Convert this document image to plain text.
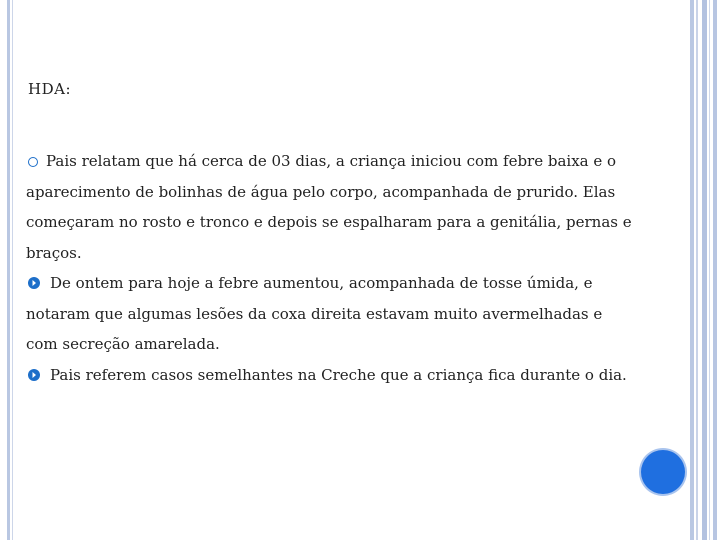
HDA:

Pais relatam que há cerca de 03 dias, a criança iniciou com febre baixa e o aparecimento de bolinhas de água pelo corpo, acompanhada de prurido. Elas começaram no rosto e tronco e depois se espalharam para a genitália, pernas e braços.

De ontem para hoje a febre aumentou, acompanhada de tosse úmida, e notaram que algumas lesões da coxa direita estavam muito avermelhadas e com secreção amarelada.

Pais referem casos semelhantes na Creche que a criança fica durante o dia.
